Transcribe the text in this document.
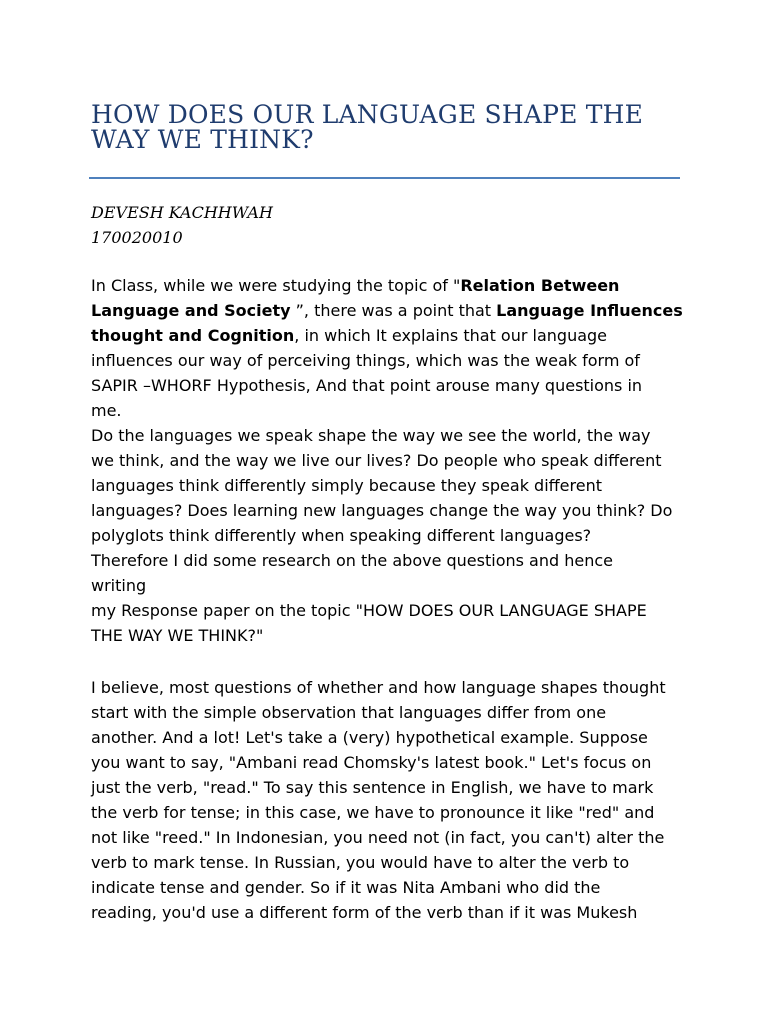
HOW DOES OUR LANGUAGE SHAPE THE
WAY WE THINK?
DEVESH KACHHWAH
170020010
In Class, while we were studying the topic of "Relation Between
Language and Society ”, there was a point that Language Influences
thought and Cognition, in which It explains that our language
influences our way of perceiving things, which was the weak form of
SAPIR –WHORF Hypothesis, And that point arouse many questions in
me.
Do the languages we speak shape the way we see the world, the way
we think, and the way we live our lives? Do people who speak different
languages think differently simply because they speak different
languages? Does learning new languages change the way you think? Do
polyglots think differently when speaking different languages?
Therefore I did some research on the above questions and hence
writing
my Response paper on the topic "HOW DOES OUR LANGUAGE SHAPE
THE WAY WE THINK?"
I believe, most questions of whether and how language shapes thought
start with the simple observation that languages differ from one
another. And a lot! Let's take a (very) hypothetical example. Suppose
you want to say, "Ambani read Chomsky's latest book." Let's focus on
just the verb, "read." To say this sentence in English, we have to mark
the verb for tense; in this case, we have to pronounce it like "red" and
not like "reed." In Indonesian, you need not (in fact, you can't) alter the
verb to mark tense. In Russian, you would have to alter the verb to
indicate tense and gender. So if it was Nita Ambani who did the
reading, you'd use a different form of the verb than if it was Mukesh
